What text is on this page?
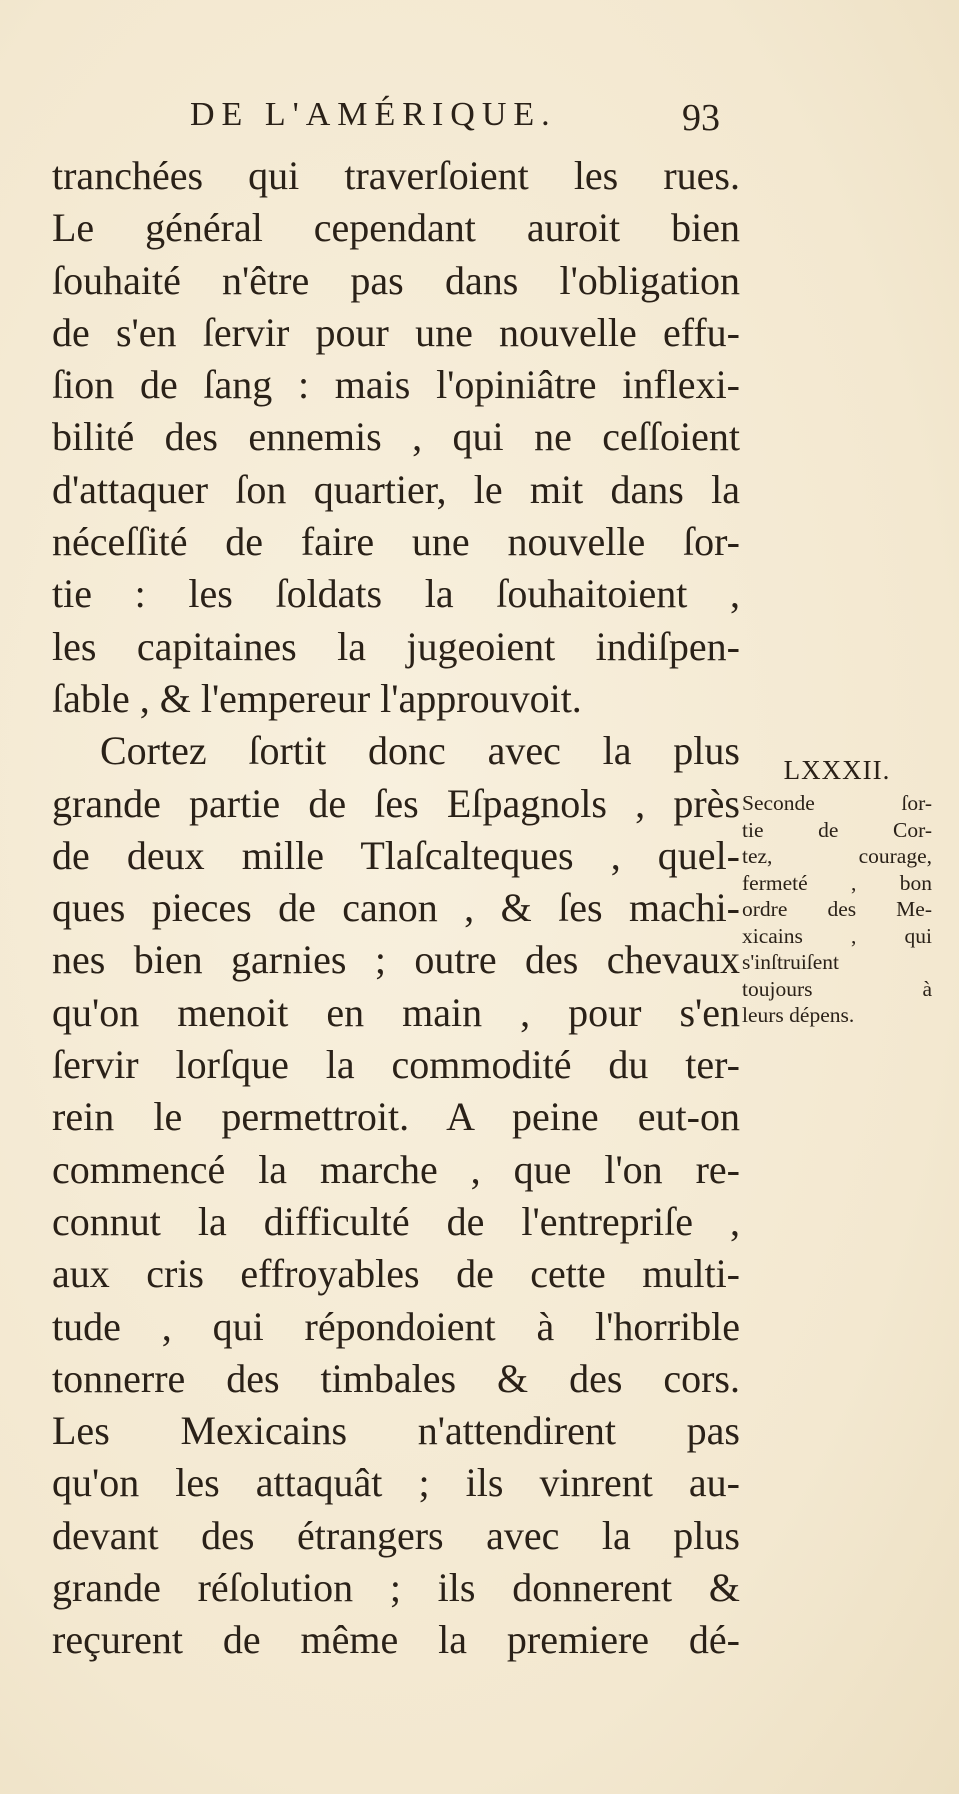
DE L'AMÉRIQUE.	93
tranchées qui traverſoient les rues.
Le général cependant auroit bien
ſouhaité n'être pas dans l'obligation
de s'en ſervir pour une nouvelle effu-
ſion de ſang : mais l'opiniâtre inflexi-
bilité des ennemis , qui ne ceſſoient
d'attaquer ſon quartier, le mit dans la
néceſſité de faire une nouvelle ſor-
tie : les ſoldats la ſouhaitoient ,
les capitaines la jugeoient indiſpen-
ſable , & l'empereur l'approuvoit.
Cortez ſortit donc avec la plus
grande partie de ſes Eſpagnols , près
de deux mille Tlaſcalteques , quel-
ques pieces de canon , & ſes machi-
nes bien garnies ; outre des chevaux
qu'on menoit en main , pour s'en
ſervir lorſque la commodité du ter-
rein le permettroit. A peine eut-on
commencé la marche , que l'on re-
connut la difficulté de l'entrepriſe ,
aux cris effroyables de cette multi-
tude , qui répondoient à l'horrible
tonnerre des timbales & des cors.
Les Mexicains n'attendirent pas
qu'on les attaquât ; ils vinrent au-
devant des étrangers avec la plus
grande réſolution ; ils donnerent &
reçurent de même la premiere dé-
LXXXII.
Seconde ſor-
tie de Cor-
tez, courage,
fermeté , bon
ordre des Me-
xicains , qui
s'inſtruiſent
toujours à
leurs dépens.
